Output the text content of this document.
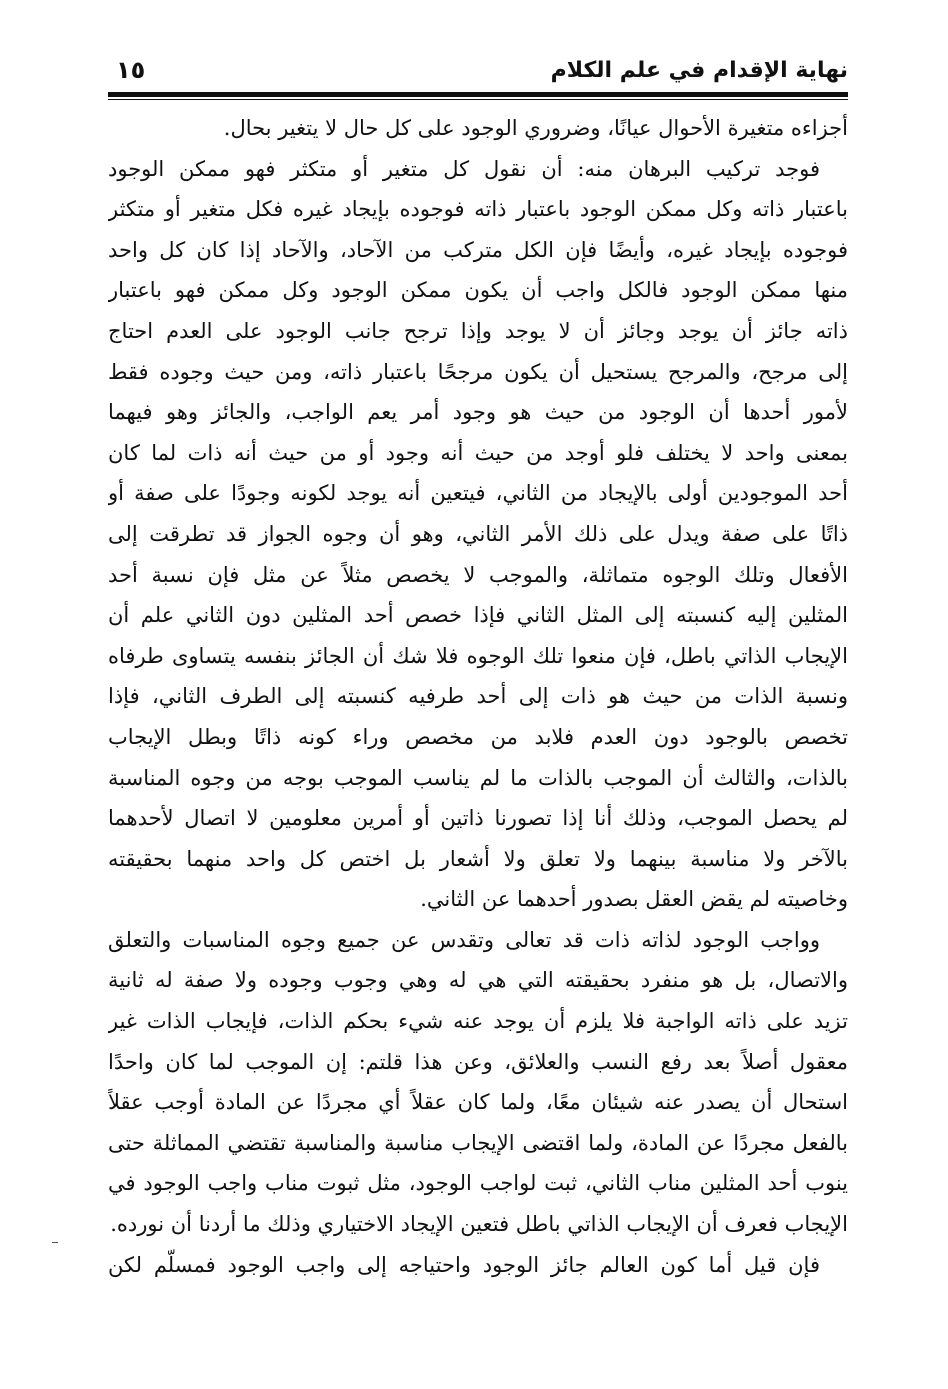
نهاية الإقدام في علم الكلام
١٥
أجزاءه متغيرة الأحوال عيانًا، وضروري الوجود على كل حال لا يتغير بحال.
فوجد تركيب البرهان منه: أن نقول كل متغير أو متكثر فهو ممكن الوجود
باعتبار ذاته وكل ممكن الوجود باعتبار ذاته فوجوده بإيجاد غيره فكل متغير أو متكثر
فوجوده بإيجاد غيره، وأيضًا فإن الكل متركب من الآحاد، والآحاد إذا كان كل واحد
منها ممكن الوجود فالكل واجب أن يكون ممكن الوجود وكل ممكن فهو باعتبار
ذاته جائز أن يوجد وجائز أن لا يوجد وإذا ترجح جانب الوجود على العدم احتاج
إلى مرجح، والمرجح يستحيل أن يكون مرجحًا باعتبار ذاته، ومن حيث وجوده فقط
لأمور أحدها أن الوجود من حيث هو وجود أمر يعم الواجب، والجائز وهو فيهما
بمعنى واحد لا يختلف فلو أوجد من حيث أنه وجود أو من حيث أنه ذات لما كان
أحد الموجودين أولى بالإيجاد من الثاني، فيتعين أنه يوجد لكونه وجودًا على صفة أو
ذاتًا على صفة ويدل على ذلك الأمر الثاني، وهو أن وجوه الجواز قد تطرقت إلى
الأفعال وتلك الوجوه متماثلة، والموجب لا يخصص مثلاً عن مثل فإن نسبة أحد
المثلين إليه كنسبته إلى المثل الثاني فإذا خصص أحد المثلين دون الثاني علم أن
الإيجاب الذاتي باطل، فإن منعوا تلك الوجوه فلا شك أن الجائز بنفسه يتساوى طرفاه
ونسبة الذات من حيث هو ذات إلى أحد طرفيه كنسبته إلى الطرف الثاني، فإذا
تخصص بالوجود دون العدم فلابد من مخصص وراء كونه ذاتًا وبطل الإيجاب
بالذات، والثالث أن الموجب بالذات ما لم يناسب الموجب بوجه من وجوه المناسبة
لم يحصل الموجب، وذلك أنا إذا تصورنا ذاتين أو أمرين معلومين لا اتصال لأحدهما
بالآخر ولا مناسبة بينهما ولا تعلق ولا أشعار بل اختص كل واحد منهما بحقيقته
وخاصيته لم يقض العقل بصدور أحدهما عن الثاني.
وواجب الوجود لذاته ذات قد تعالى وتقدس عن جميع وجوه المناسبات والتعلق
والاتصال، بل هو منفرد بحقيقته التي هي له وهي وجوب وجوده ولا صفة له ثانية
تزيد على ذاته الواجبة فلا يلزم أن يوجد عنه شيء بحكم الذات، فإيجاب الذات غير
معقول أصلاً بعد رفع النسب والعلائق، وعن هذا قلتم: إن الموجب لما كان واحدًا
استحال أن يصدر عنه شيئان معًا، ولما كان عقلاً أي مجردًا عن المادة أوجب عقلاً
بالفعل مجردًا عن المادة، ولما اقتضى الإيجاب مناسبة والمناسبة تقتضي المماثلة حتى
ينوب أحد المثلين مناب الثاني، ثبت لواجب الوجود، مثل ثبوت مناب واجب الوجود في
الإيجاب فعرف أن الإيجاب الذاتي باطل فتعين الإيجاد الاختياري وذلك ما أردنا أن نورده.
فإن قيل أما كون العالم جائز الوجود واحتياجه إلى واجب الوجود فمسلّم لكن
